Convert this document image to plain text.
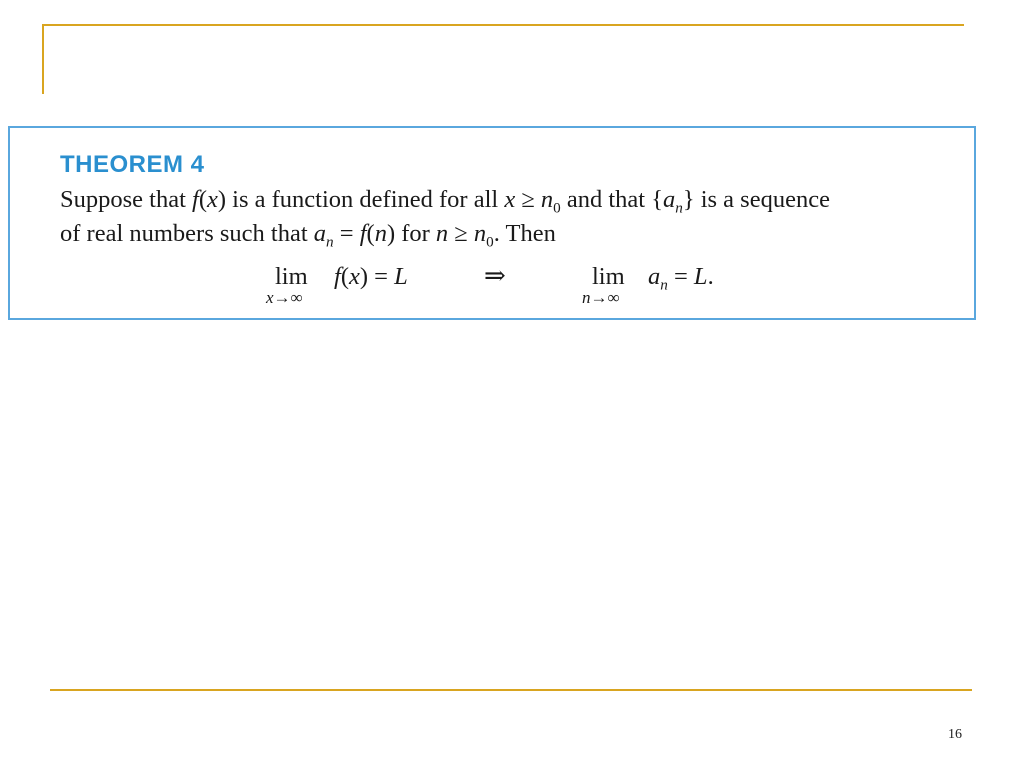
THEOREM 4
Suppose that f(x) is a function defined for all $x \ge n_0$ and that $\{a_n\}$ is a sequence
of real numbers such that $a_n = f(n)$ for $n \ge n_0$. Then
lim
x→∞
f(x) = L	⇒	lim
n→∞
$a_n = L$.
16
